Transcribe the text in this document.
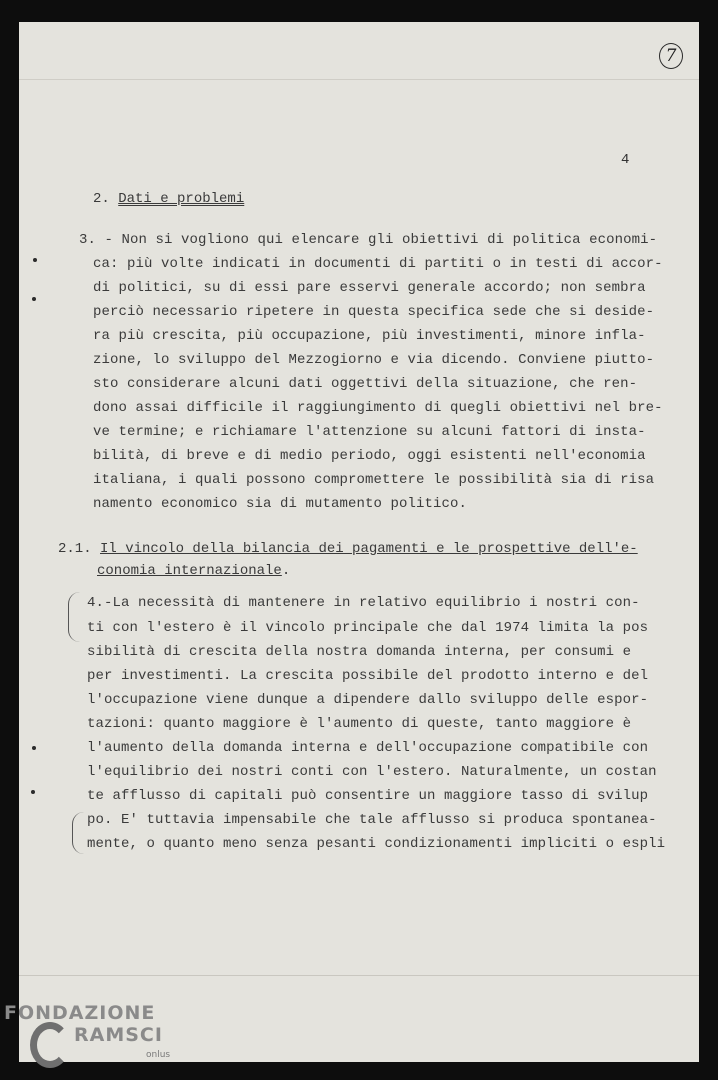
7
4
2. Dati e problemi
3. - Non si vogliono qui elencare gli obiettivi di politica economi-
ca: più volte indicati in documenti di partiti o in testi di accor-
di politici, su di essi pare esservi generale accordo; non sembra
perciò necessario ripetere in questa specifica sede che si deside-
ra più crescita, più occupazione, più investimenti, minore infla-
zione, lo sviluppo del Mezzogiorno e via dicendo. Conviene piutto-
sto considerare alcuni dati oggettivi della situazione, che ren-
dono assai difficile il raggiungimento di quegli obiettivi nel bre-
ve termine; e richiamare l'attenzione su alcuni fattori di insta-
bilità, di breve e di medio periodo, oggi esistenti nell'economia
italiana, i quali possono compromettere le possibilità sia di risa
namento economico sia di mutamento politico.
2.1. Il vincolo della bilancia dei pagamenti e le prospettive dell'e-
conomia internazionale.
4.-La necessità di mantenere in relativo equilibrio i nostri con-
ti con l'estero è il vincolo principale che dal 1974 limita la pos
sibilità di crescita della nostra domanda interna, per consumi e
per investimenti. La crescita possibile del prodotto interno e del
l'occupazione viene dunque a dipendere dallo sviluppo delle espor-
tazioni: quanto maggiore è l'aumento di queste, tanto maggiore è
l'aumento della domanda interna e dell'occupazione compatibile con
l'equilibrio dei nostri conti con l'estero. Naturalmente, un costan
te afflusso di capitali può consentire un maggiore tasso di svilup
po. E' tuttavia impensabile che tale afflusso si produca spontanea-
mente, o quanto meno senza pesanti condizionamenti impliciti o espli
FONDAZIONE
RAMSCI
onlus
